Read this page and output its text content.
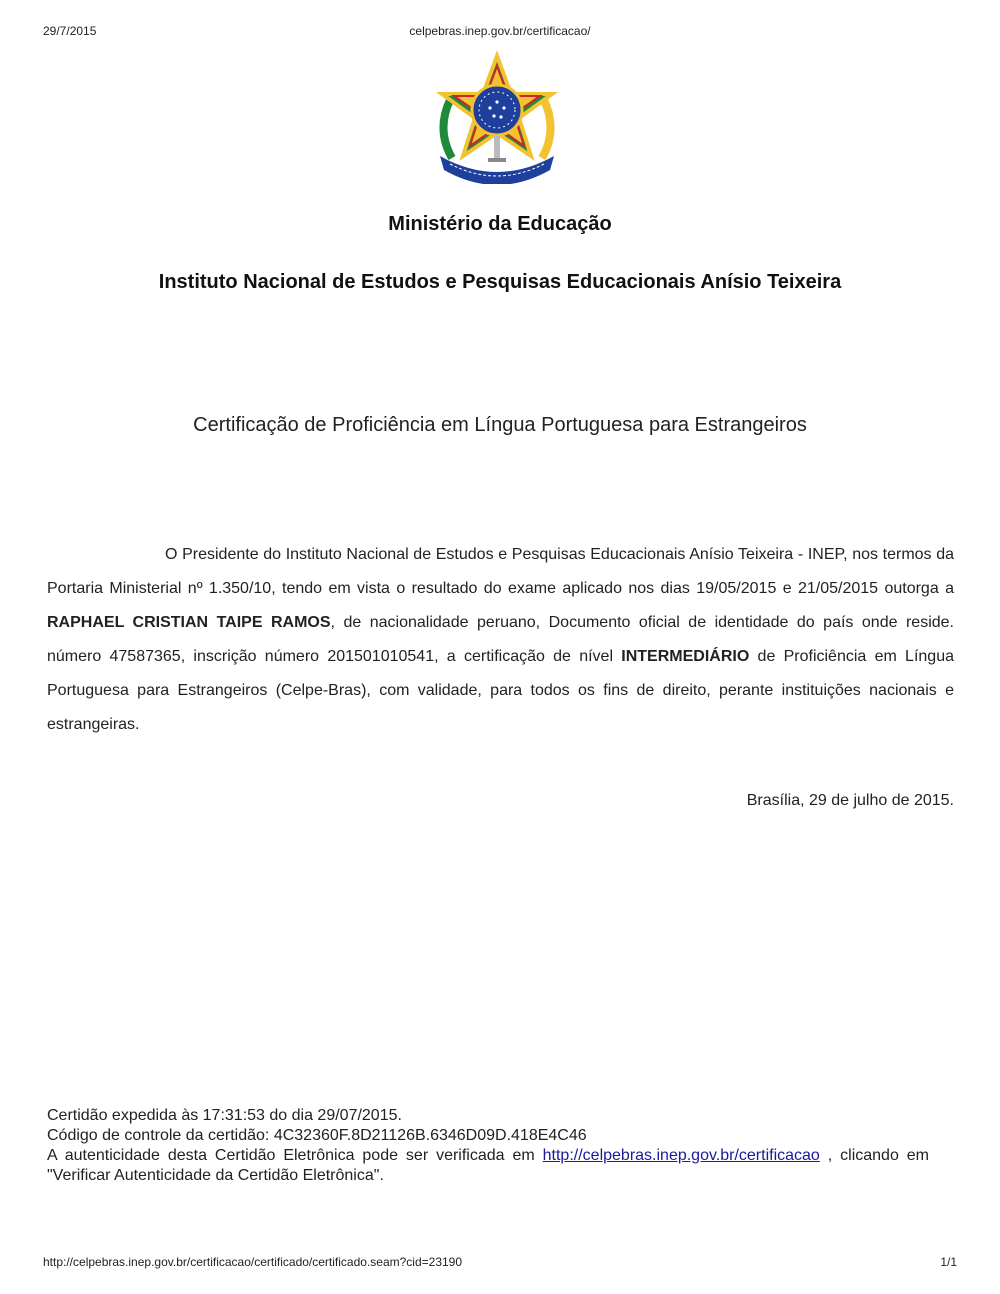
29/7/2015	celpebras.inep.gov.br/certificacao/
Ministério da Educação
Instituto Nacional de Estudos e Pesquisas Educacionais Anísio Teixeira
Certificação de Proficiência em Língua Portuguesa para Estrangeiros

O Presidente do Instituto Nacional de Estudos e Pesquisas Educacionais Anísio Teixeira - INEP, nos termos da Portaria Ministerial nº 1.350/10, tendo em vista o resultado do exame aplicado nos dias 19/05/2015 e 21/05/2015 outorga a RAPHAEL CRISTIAN TAIPE RAMOS, de nacionalidade peruano, Documento oficial de identidade do país onde reside. número 47587365, inscrição número 201501010541, a certificação de nível INTERMEDIÁRIO de Proficiência em Língua Portuguesa para Estrangeiros (Celpe-Bras), com validade, para todos os fins de direito, perante instituições nacionais e estrangeiras.

Brasília, 29 de julho de 2015.
Certidão expedida às 17:31:53 do dia 29/07/2015.
Código de controle da certidão: 4C32360F.8D21126B.6346D09D.418E4C46
A autenticidade desta Certidão Eletrônica pode ser verificada em http://celpebras.inep.gov.br/certificacao , clicando em "Verificar Autenticidade da Certidão Eletrônica".
http://celpebras.inep.gov.br/certificacao/certificado/certificado.seam?cid=23190	1/1
